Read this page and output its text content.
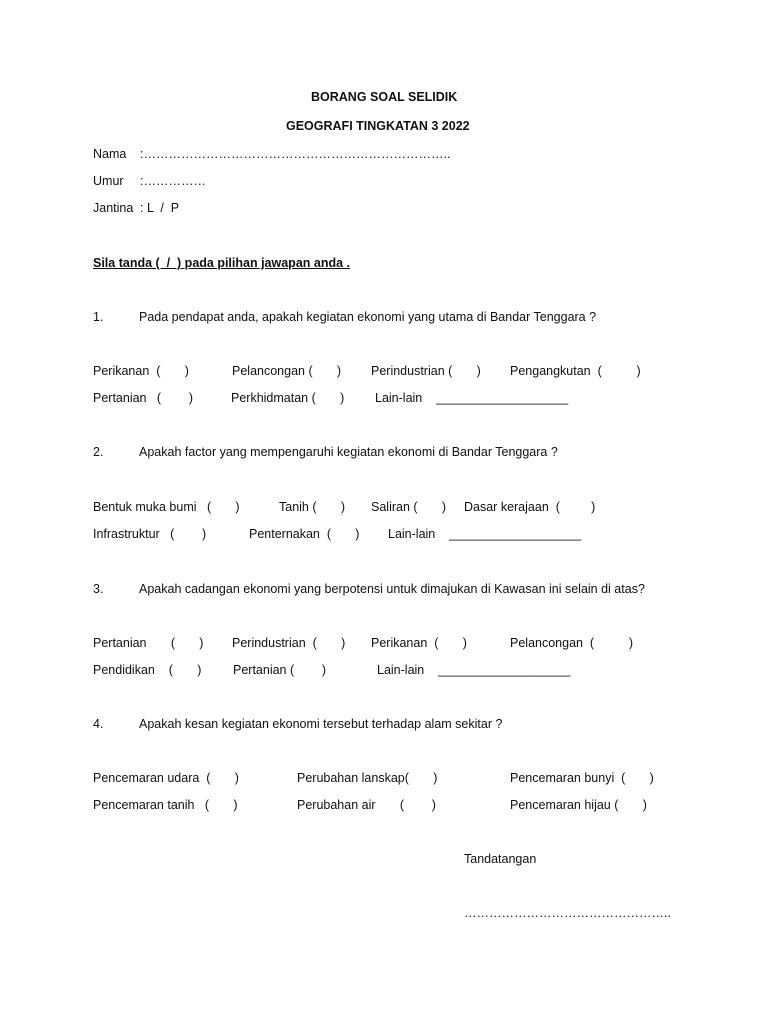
BORANG SOAL SELIDIK
GEOGRAFI TINGKATAN 3 2022
Nama :………………………………………………………………..
Umur :……………
Jantina : L  /  P
Sila tanda (  /  ) pada pilihan jawapan anda .
1.	Pada pendapat anda, apakah kegiatan ekonomi yang utama di Bandar Tenggara ?
Perikanan  (       )	Pelancongan (       ) Perindustrian (       ) Pengangkutan  (          )
Pertanian   (        )	Perkhidmatan (       ) Lain-lain    ___________________
2.	Apakah factor yang mempengaruhi kegiatan ekonomi di Bandar Tenggara ?
Bentuk muka bumi   (       )	Tanih (       ) Saliran (       ) Dasar kerajaan  (         )
Infrastruktur   (        )	Penternakan  (       ) Lain-lain    ___________________
3.	Apakah cadangan ekonomi yang berpotensi untuk dimajukan di Kawasan ini selain di atas?
Pertanian       (       ) Perindustrian  (       ) Perikanan  (       )	Pelancongan  (          )
Pendidikan    (       )	Pertanian (        )	Lain-lain    ___________________
4.	Apakah kesan kegiatan ekonomi tersebut terhadap alam sekitar ?
Pencemaran udara  (       )	Perubahan lanskap(       )	Pencemaran bunyi  (       )
Pencemaran tanih   (       )	Perubahan air       (        )	Pencemaran hijau (       )
Tandatangan
…………………………………………..
